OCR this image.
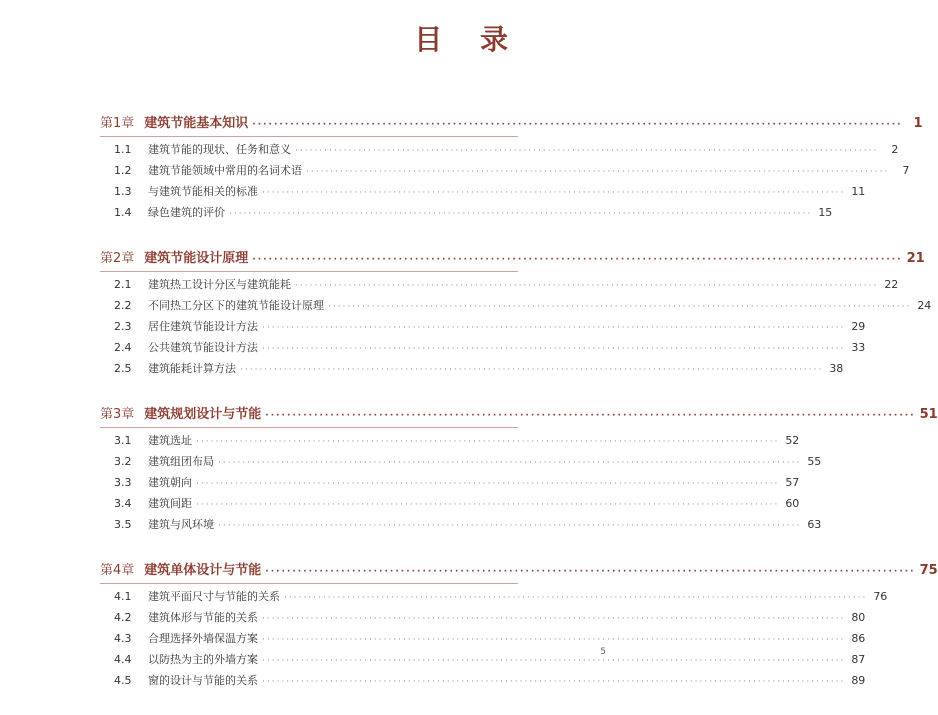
目 录
第1章 建筑节能基本知识 ························································································································ 1
1.1	建筑节能的现状、任务和意义 ························································································································	2
1.2	建筑节能领域中常用的名词术语 ························································································································	7
1.3	与建筑节能相关的标准 ························································································································ 11
1.4	绿色建筑的评价 ························································································································ 15
第2章 建筑节能设计原理 ························································································································ 21
2.1	建筑热工设计分区与建筑能耗 ························································································································ 22
2.2	不同热工分区下的建筑节能设计原理 ························································································································ 24
2.3	居住建筑节能设计方法 ························································································································ 29
2.4	公共建筑节能设计方法 ························································································································ 33
2.5	建筑能耗计算方法 ························································································································ 38
第3章 建筑规划设计与节能 ························································································································ 51
3.1	建筑选址 ························································································································ 52
3.2	建筑组团布局 ························································································································ 55
3.3	建筑朝向 ························································································································ 57
3.4	建筑间距 ························································································································ 60
3.5	建筑与风环境 ························································································································ 63
第4章 建筑单体设计与节能 ························································································································ 75
4.1	建筑平面尺寸与节能的关系 ························································································································ 76
4.2	建筑体形与节能的关系 ························································································································ 80
4.3	合理选择外墙保温方案 ························································································································ 86
4.4	以防热为主的外墙方案 ························································································································ 87
4.5	窗的设计与节能的关系 ························································································································ 89
5
